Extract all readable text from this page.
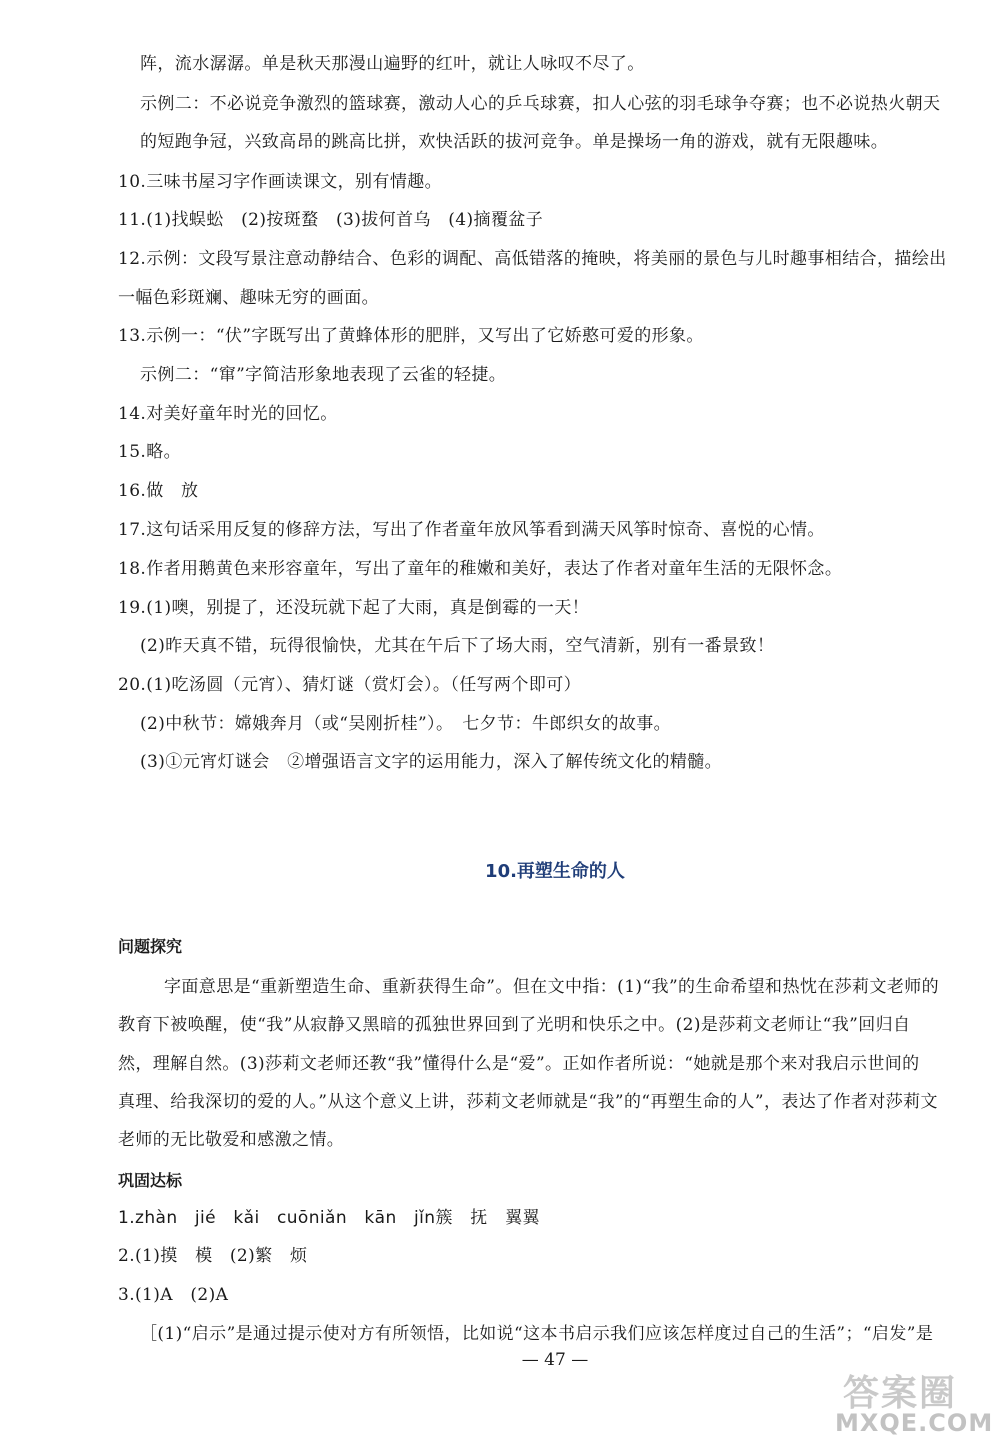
阵，流水潺潺。单是秋天那漫山遍野的红叶，就让人咏叹不尽了。
示例二：不必说竞争激烈的篮球赛，激动人心的乒乓球赛，扣人心弦的羽毛球争夺赛；也不必说热火朝天
的短跑争冠，兴致高昂的跳高比拼，欢快活跃的拔河竞争。单是操场一角的游戏，就有无限趣味。
10.三味书屋习字作画读课文，别有情趣。
11.(1)找蜈蚣　(2)按斑蝥　(3)拔何首乌　(4)摘覆盆子
12.示例：文段写景注意动静结合、色彩的调配、高低错落的掩映，将美丽的景色与儿时趣事相结合，描绘出
一幅色彩斑斓、趣味无穷的画面。
13.示例一：“伏”字既写出了黄蜂体形的肥胖，又写出了它娇憨可爱的形象。
示例二：“窜”字简洁形象地表现了云雀的轻捷。
14.对美好童年时光的回忆。
15.略。
16.做　放
17.这句话采用反复的修辞方法，写出了作者童年放风筝看到满天风筝时惊奇、喜悦的心情。
18.作者用鹅黄色来形容童年，写出了童年的稚嫩和美好，表达了作者对童年生活的无限怀念。
19.(1)噢，别提了，还没玩就下起了大雨，真是倒霉的一天！
(2)昨天真不错，玩得很愉快，尤其在午后下了场大雨，空气清新，别有一番景致！
20.(1)吃汤圆（元宵）、猜灯谜（赏灯会）。（任写两个即可）
(2)中秋节：嫦娥奔月（或“吴刚折桂”）。　七夕节：牛郎织女的故事。
(3)①元宵灯谜会　②增强语言文字的运用能力，深入了解传统文化的精髓。
10.再塑生命的人
问题探究
字面意思是“重新塑造生命、重新获得生命”。但在文中指：(1)“我”的生命希望和热忱在莎莉文老师的
教育下被唤醒，使“我”从寂静又黑暗的孤独世界回到了光明和快乐之中。(2)是莎莉文老师让“我”回归自
然，理解自然。(3)莎莉文老师还教“我”懂得什么是“爱”。正如作者所说：“她就是那个来对我启示世间的
真理、给我深切的爱的人。”从这个意义上讲，莎莉文老师就是“我”的“再塑生命的人”，表达了作者对莎莉文
老师的无比敬爱和感激之情。
巩固达标
1.zhàn　jié　kǎi　cuōniǎn　kān　jǐn簇　抚　翼翼
2.(1)摸　模　(2)繁　烦
3.(1)A　(2)A
［(1)“启示”是通过提示使对方有所领悟，比如说“这本书启示我们应该怎样度过自己的生活”；“启发”是
— 47 —
答案圈
MXQE.COM
